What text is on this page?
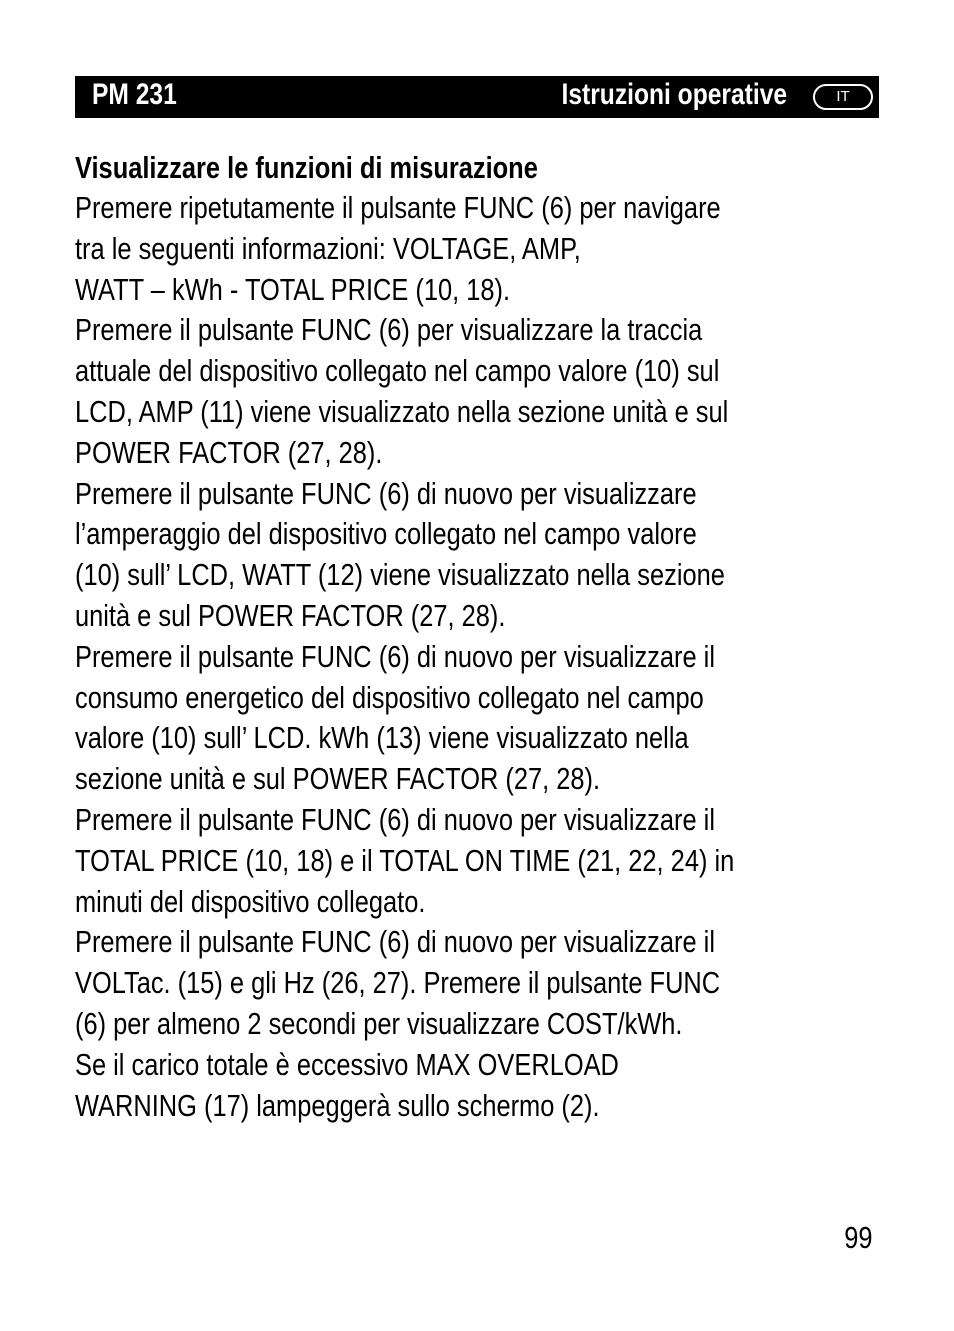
PM 231	Istruzioni operative	IT

Visualizzare le funzioni di misurazione

Premere ripetutamente il pulsante FUNC (6) per navigare

tra le seguenti informazioni: VOLTAGE, AMP,

WATT – kWh - TOTAL PRICE (10, 18).

Premere il pulsante FUNC (6) per visualizzare la traccia

attuale del dispositivo collegato nel campo valore (10) sul

LCD, AMP (11) viene visualizzato nella sezione unità e sul

POWER FACTOR (27, 28).

Premere il pulsante FUNC (6) di nuovo per visualizzare

l’amperaggio del dispositivo collegato nel campo valore

(10) sull’ LCD, WATT (12) viene visualizzato nella sezione

unità e sul POWER FACTOR (27, 28).

Premere il pulsante FUNC (6) di nuovo per visualizzare il

consumo energetico del dispositivo collegato nel campo

valore (10) sull’ LCD. kWh (13) viene visualizzato nella

sezione unità e sul POWER FACTOR (27, 28).

Premere il pulsante FUNC (6) di nuovo per visualizzare il

TOTAL PRICE (10, 18) e il TOTAL ON TIME (21, 22, 24) in

minuti del dispositivo collegato.

Premere il pulsante FUNC (6) di nuovo per visualizzare il

VOLTac. (15) e gli Hz (26, 27). Premere il pulsante FUNC

(6) per almeno 2 secondi per visualizzare COST/kWh.

Se il carico totale è eccessivo MAX OVERLOAD

WARNING (17) lampeggerà sullo schermo (2).

99
